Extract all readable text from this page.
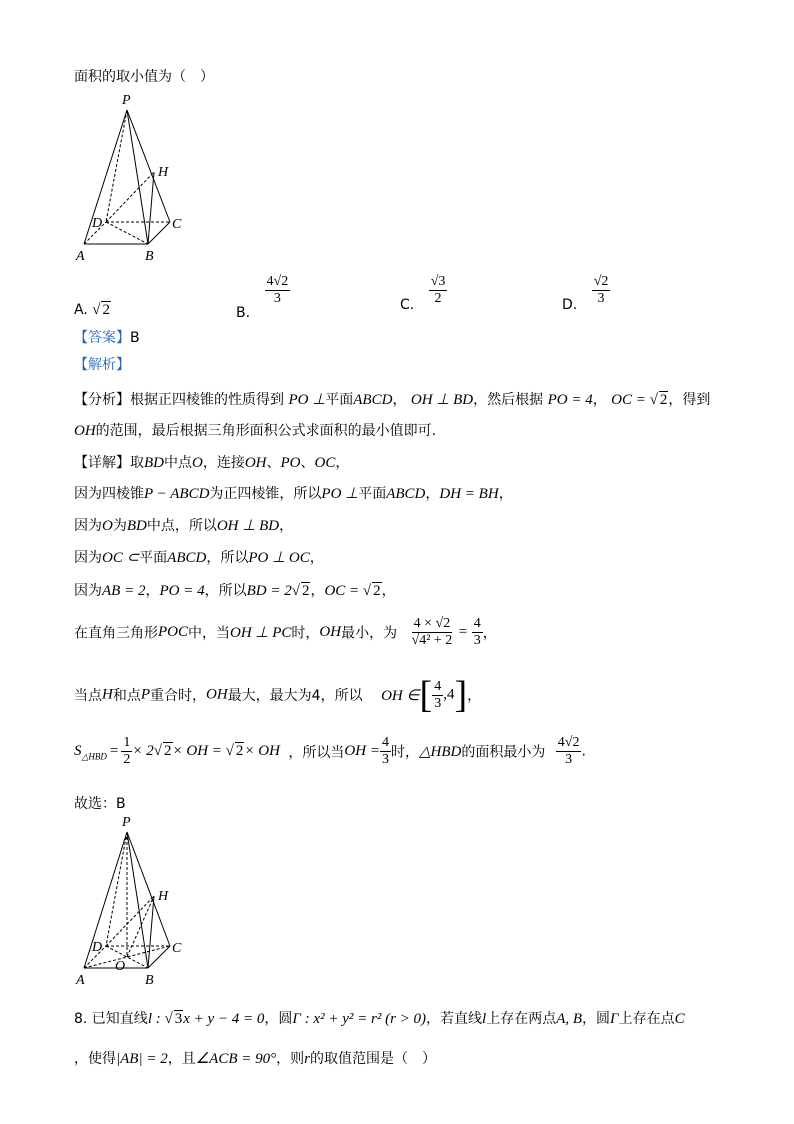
面积的取小值为（　）
P
H
D	C
A	B
A. √ 2	B.
$\frac{4√2}{3}$	C. $\frac{√3}{2}$	D. $\frac{√2}{3}$
【答案】B
【解析】
【分析】根据正四棱锥的性质得到 PO ⊥平面ABCD， OH ⊥ BD，然后根据 PO = 4， OC = √ 2，得到
OH的范围，最后根据三角形面积公式求面积的最小值即可.
【详解】取BD中点O，连接OH、PO、OC，
因为四棱锥P − ABCD为正四棱锥，所以PO ⊥平面ABCD，DH = BH，
因为O为BD中点，所以OH ⊥ BD，
因为OC ⊂平面ABCD，所以PO ⊥ OC，
因为AB = 2，PO = 4，所以BD = 2√ 2，OC = √ 2，
在直角三角形POC中，当OH ⊥ PC时，OH最小，为 $\frac{4 \times √2}{\text{√4² + 2}} = \frac{4}{3}$ ，
当点H和点P重合时，OH最大，最大为4，所以 OH ∈[ $\frac{4}{3} ,4$]，
$S_{\triangle HBD} = \frac{1}{2} \times 2√$ 2× OH = √ 2× OH ，所以当OH = $\frac{4}{3}$ 时，△HBD的面积最小为 $\frac{4√2}{3}$ .
故选：B
P
H
D	C
A	B
O
8. 已知直线l : √ 3x + y − 4 = 0，圆Γ : x² + y² = r² (r > 0)，若直线l上存在两点A, B，圆Γ上存在点C
，使得|AB| = 2，且∠ACB = 90°，则r的取值范围是（　）
